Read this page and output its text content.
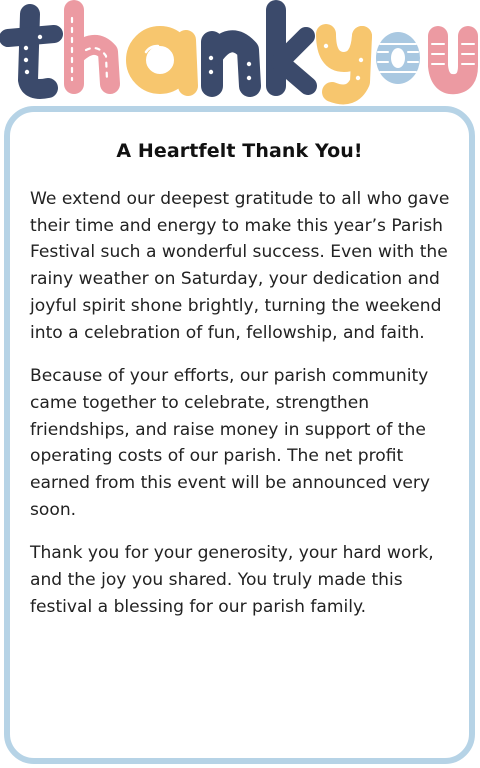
A Heartfelt Thank You!

We extend our deepest gratitude to all who gave their time and energy to make this year’s Parish Festival such a wonderful success. Even with the rainy weather on Saturday, your dedication and joyful spirit shone brightly, turning the weekend into a celebration of fun, fellowship, and faith.

Because of your efforts, our parish community came together to celebrate, strengthen friendships, and raise money in support of the operating costs of our parish. The net profit earned from this event will be announced very soon.

Thank you for your generosity, your hard work, and the joy you shared. You truly made this festival a blessing for our parish family.
